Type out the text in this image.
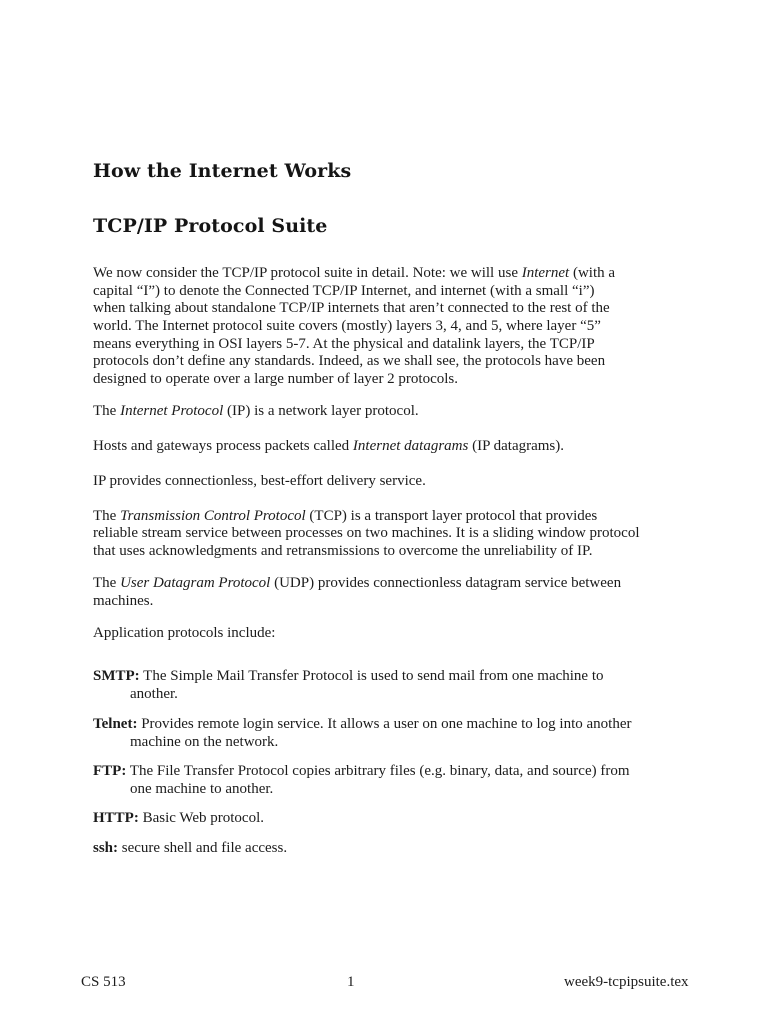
How the Internet Works
TCP/IP Protocol Suite

We now consider the TCP/IP protocol suite in detail. Note: we will use Internet (with a

capital “I”) to denote the Connected TCP/IP Internet, and internet (with a small “i”)

when talking about standalone TCP/IP internets that aren’t connected to the rest of the

world. The Internet protocol suite covers (mostly) layers 3, 4, and 5, where layer “5”

means everything in OSI layers 5-7. At the physical and datalink layers, the TCP/IP

protocols don’t define any standards. Indeed, as we shall see, the protocols have been

designed to operate over a large number of layer 2 protocols.

The Internet Protocol (IP) is a network layer protocol.

Hosts and gateways process packets called Internet datagrams (IP datagrams).

IP provides connectionless, best-effort delivery service.

The Transmission Control Protocol (TCP) is a transport layer protocol that provides

reliable stream service between processes on two machines. It is a sliding window protocol

that uses acknowledgments and retransmissions to overcome the unreliability of IP.

The User Datagram Protocol (UDP) provides connectionless datagram service between

machines.

Application protocols include:

SMTP: The Simple Mail Transfer Protocol is used to send mail from one machine to
another.
Telnet: Provides remote login service. It allows a user on one machine to log into another
machine on the network.
FTP: The File Transfer Protocol copies arbitrary files (e.g. binary, data, and source) from
one machine to another.
HTTP: Basic Web protocol.
ssh: secure shell and file access.
CS 513	1	week9-tcpipsuite.tex
